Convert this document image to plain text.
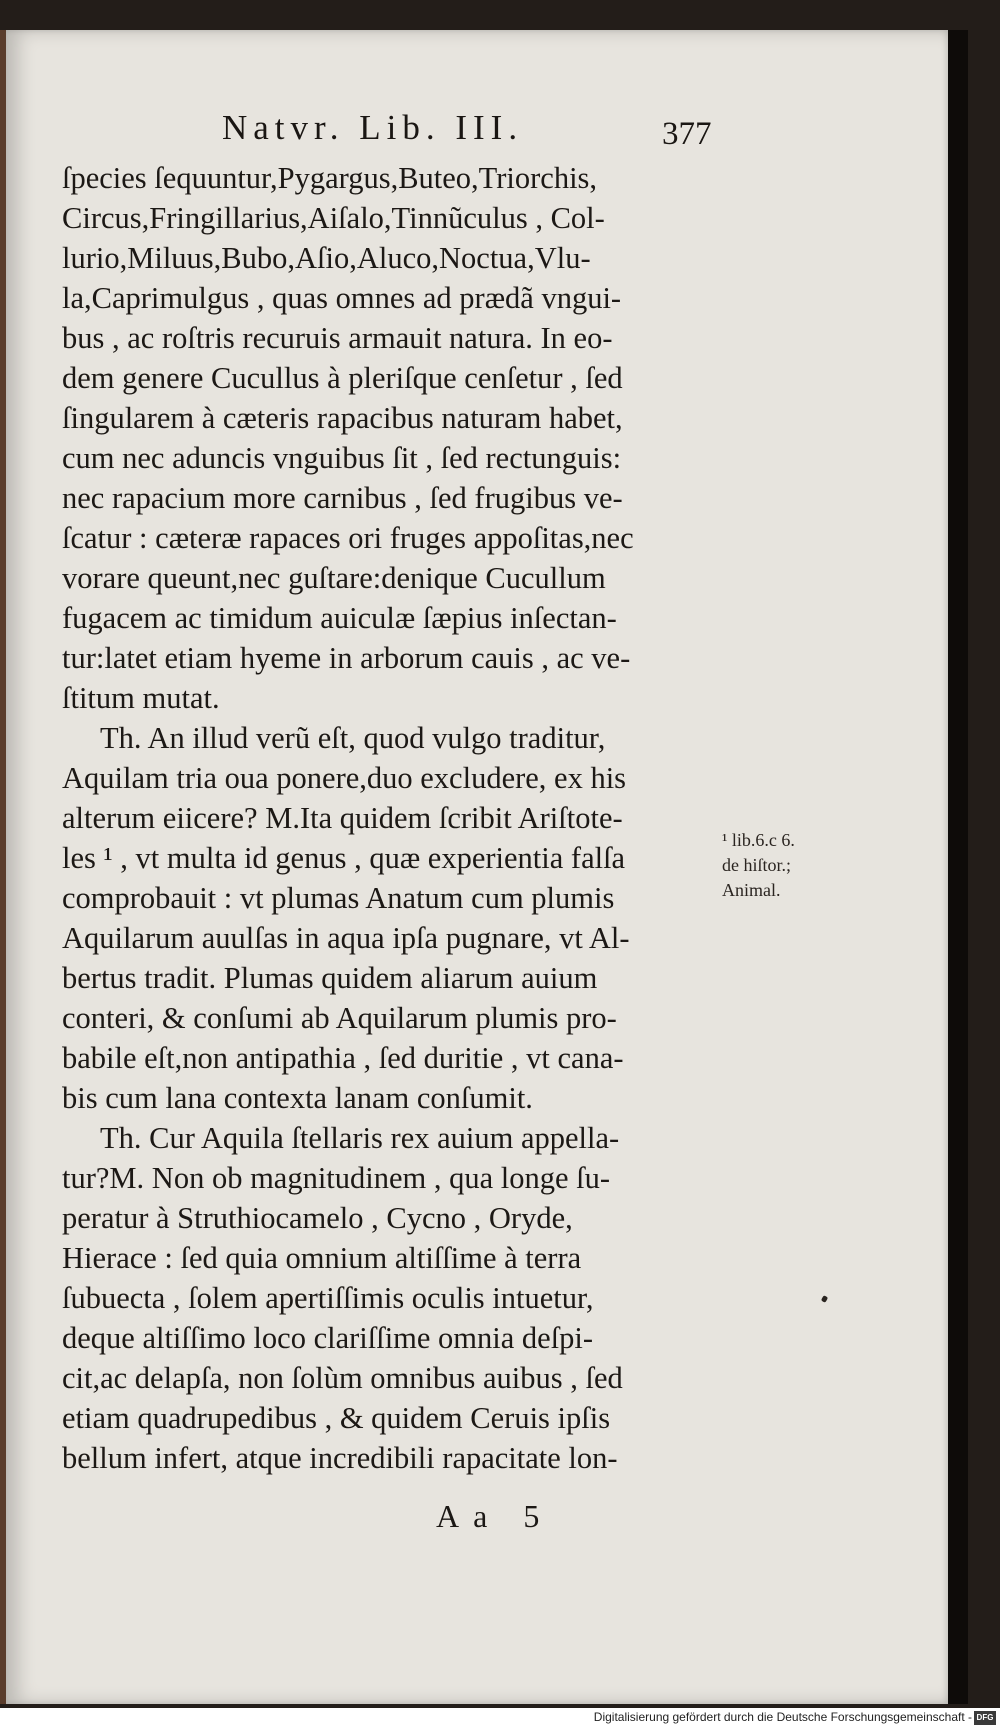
Natvr. Lib. III.	377
ſpecies ſequuntur,Pygargus,Buteo,Triorchis,
Circus,Fringillarius,Aiſalo,Tinnũculus , Col-
lurio,Miluus,Bubo,Aſio,Aluco,Noctua,Vlu-
la,Caprimulgus , quas omnes ad prædã vngui-
bus , ac roſtris recuruis armauit natura. In eo-
dem genere Cucullus à pleriſque cenſetur , ſed
ſingularem à cæteris rapacibus naturam habet,
cum nec aduncis vnguibus ſit , ſed rectunguis:
nec rapacium more carnibus , ſed frugibus ve-
ſcatur : cæteræ rapaces ori fruges appoſitas,nec
vorare queunt,nec guſtare:denique Cucullum
fugacem ac timidum auiculæ ſæpius inſectan-
tur:latet etiam hyeme in arborum cauis , ac ve-
ſtitum mutat.
Th. An illud verũ eſt, quod vulgo traditur,
Aquilam tria oua ponere,duo excludere, ex his
alterum eiicere? M.Ita quidem ſcribit Ariſtote-
les ¹ , vt multa id genus , quæ experientia falſa
comprobauit : vt plumas Anatum cum plumis
Aquilarum auulſas in aqua ipſa pugnare, vt Al-
bertus tradit. Plumas quidem aliarum auium
conteri, & conſumi ab Aquilarum plumis pro-
babile eſt,non antipathia , ſed duritie , vt cana-
bis cum lana contexta lanam conſumit.
Th. Cur Aquila ſtellaris rex auium appella-
tur?M. Non ob magnitudinem , qua longe ſu-
peratur à Struthiocamelo , Cycno , Oryde,
Hieracе : ſed quia omnium altiſſime à terra
ſubuecta , ſolem apertiſſimis oculis intuetur,
deque altiſſimo loco clariſſime omnia deſpi-
cit,ac delapſa, non ſolùm omnibus auibus , ſed
etiam quadrupedibus , & quidem Ceruis ipſis
bellum infert, atque incredibili rapacitate lon-
¹ lib.6.c 6.
de hiſtor.;
Animal.
Aa 5
Digitalisierung gefördert durch die Deutsche Forschungsgemeinschaft - DFG
